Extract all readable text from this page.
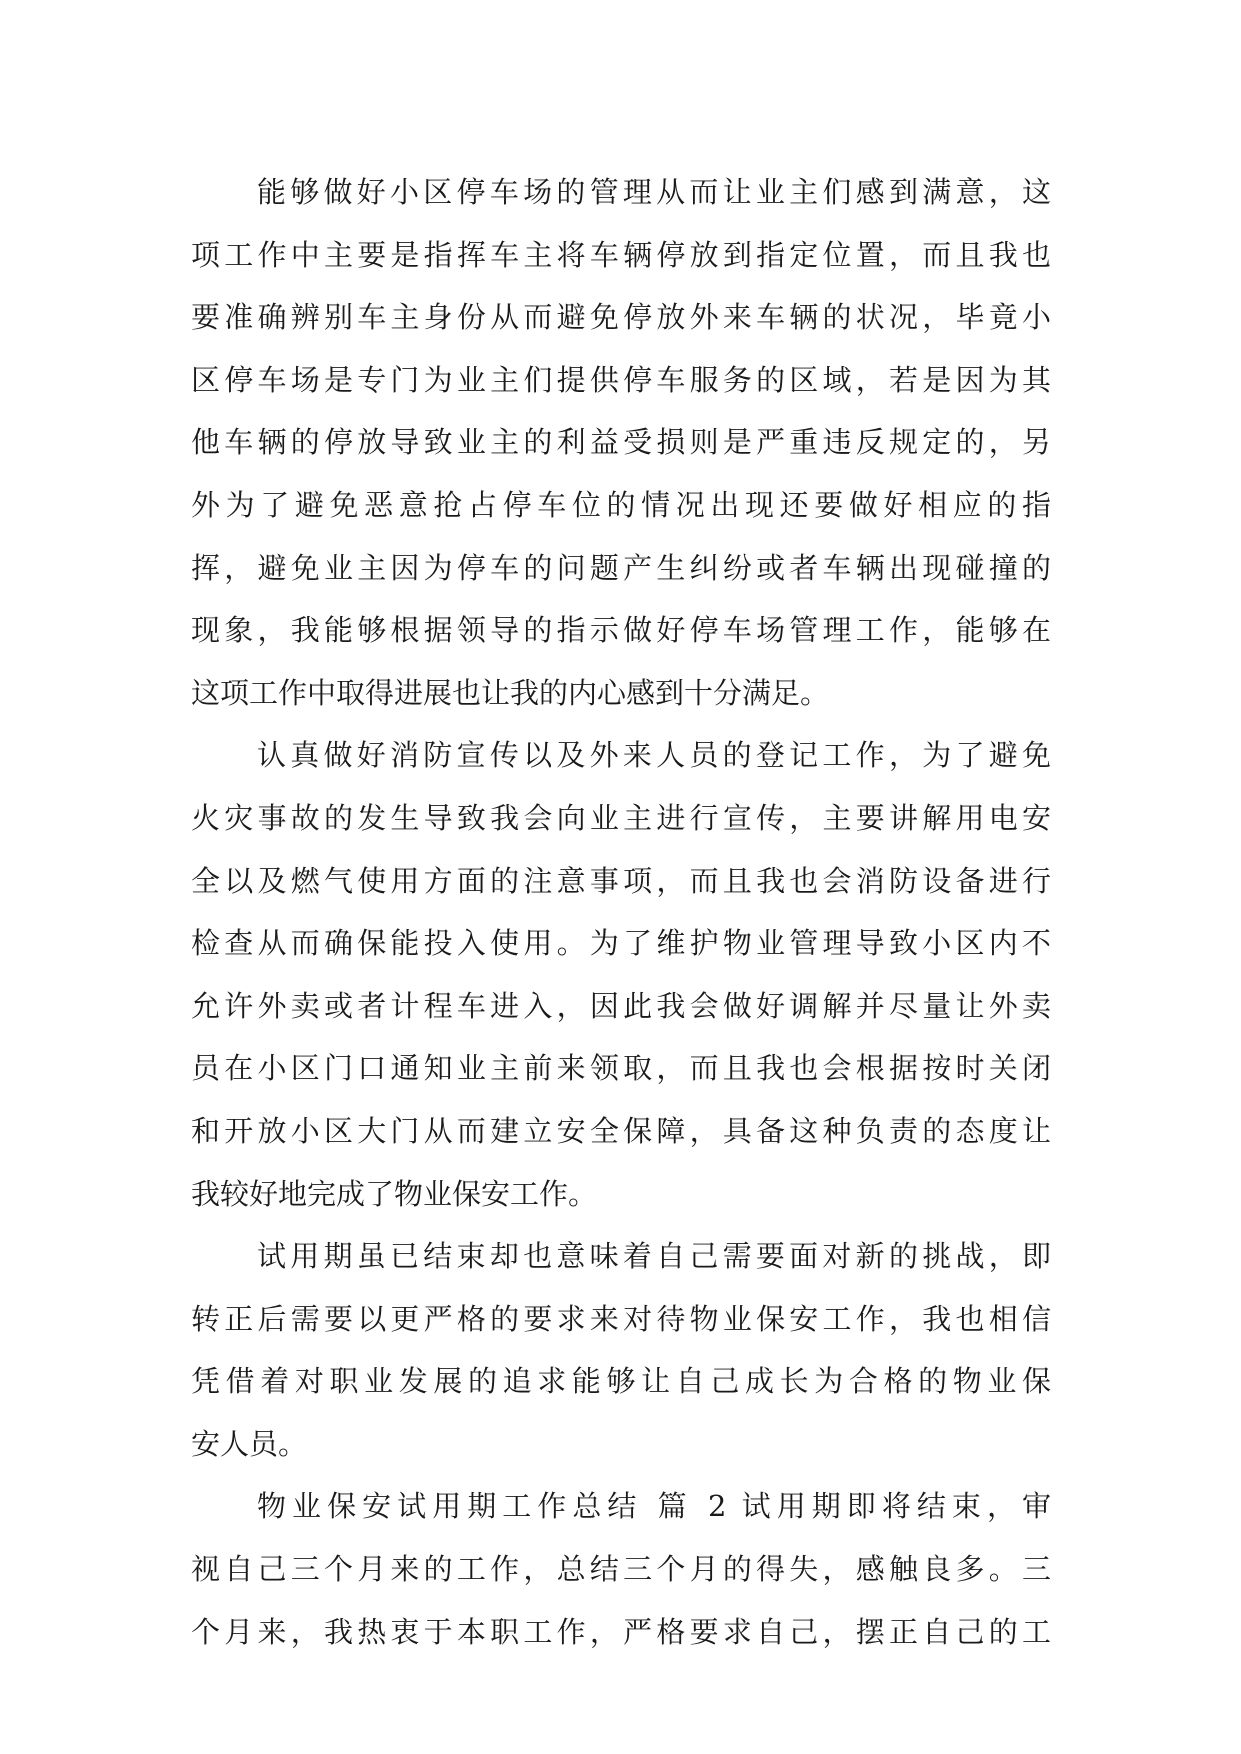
能够做好小区停车场的管理从而让业主们感到满意，这
项工作中主要是指挥车主将车辆停放到指定位置，而且我也
要准确辨别车主身份从而避免停放外来车辆的状况，毕竟小
区停车场是专门为业主们提供停车服务的区域，若是因为其
他车辆的停放导致业主的利益受损则是严重违反规定的，另
外为了避免恶意抢占停车位的情况出现还要做好相应的指
挥，避免业主因为停车的问题产生纠纷或者车辆出现碰撞的
现象，我能够根据领导的指示做好停车场管理工作，能够在
这项工作中取得进展也让我的内心感到十分满足。
认真做好消防宣传以及外来人员的登记工作，为了避免
火灾事故的发生导致我会向业主进行宣传，主要讲解用电安
全以及燃气使用方面的注意事项，而且我也会消防设备进行
检查从而确保能投入使用。为了维护物业管理导致小区内不
允许外卖或者计程车进入，因此我会做好调解并尽量让外卖
员在小区门口通知业主前来领取，而且我也会根据按时关闭
和开放小区大门从而建立安全保障，具备这种负责的态度让
我较好地完成了物业保安工作。
试用期虽已结束却也意味着自己需要面对新的挑战，即
转正后需要以更严格的要求来对待物业保安工作，我也相信
凭借着对职业发展的追求能够让自己成长为合格的物业保
安人员。
物业保安试用期工作总结 篇 2 试用期即将结束，审
视自己三个月来的工作，总结三个月的得失，感触良多。三
个月来，我热衷于本职工作，严格要求自己，摆正自己的工
